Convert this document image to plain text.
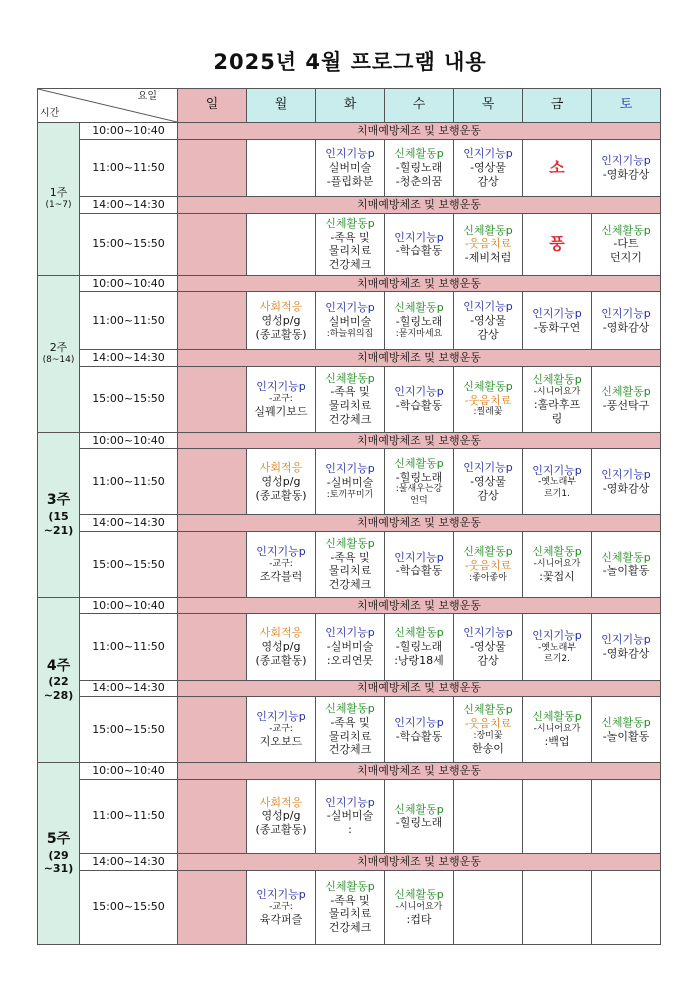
2025년 4월 프로그램 내용
요일
시간		일	월	화	수	목	금	토

1주
(1~7)	10:00~10:40	치매예방체조 및 보행운동						
	11:00~11:50			인지기능p
실버미술
-플립화분	신체활동p
-힐링노래
-청춘의꿈	인지기능p
-영상물
감상	소	인지기능p
-영화감상

	14:00~14:30	치매예방체조 및 보행운동						
	15:00~15:50			신체활동p
-족욕 및
물리치료
건강체크	인지기능p
-학습활동	신체활동p
-웃음치료
-제비처럼	풍	신체활동p
-다트
던지기

2주
(8~14)	10:00~10:40	치매예방체조 및 보행운동						
	11:00~11:50		사회적응
영성p/g
(종교활동)	인지기능p
실버미술
:하늘위의집	신체활동p
-힐링노래
:묻지마세요	인지기능p
-영상물
감상	인지기능p
-동화구연	인지기능p
-영화감상

	14:00~14:30	치매예방체조 및 보행운동						
	15:00~15:50		인지기능p
-교구:
실꿰기보드	신체활동p
-족욕 및
물리치료
건강체크	인지기능p
-학습활동	신체활동p
-웃음치료
:찔레꽃	신체활동p
-시니어요가
:훌라후프
링	신체활동p
-풍선탁구

3주
(15 ~21)	10:00~10:40	치매예방체조 및 보행운동						
	11:00~11:50		사회적응
영성p/g
(종교활동)	인지기능p
-실버미술
:토끼꾸미기	신체활동p
-힐링노래
:물새우는강
언덕	인지기능p
-영상물
감상	인지기능p
-옛노래부
르기1.	인지기능p
-영화감상

	14:00~14:30	치매예방체조 및 보행운동						
	15:00~15:50		인지기능p
-교구:
조각블럭	신체활동p
-족욕 및
물리치료
건강체크	인지기능p
-학습활동	신체활동p
-웃음치료
:좋아좋아	신체활동p
-시니어요가
:꽃접시	신체활동p
-놀이활동

4주
(22 ~28)	10:00~10:40	치매예방체조 및 보행운동						
	11:00~11:50		사회적응
영성p/g
(종교활동)	인지기능p
-실버미술
:오리연못	신체활동p
-힐링노래
:낭랑18세	인지기능p
-영상물
감상	인지기능p
-옛노래부
르기2.	인지기능p
-영화감상

	14:00~14:30	치매예방체조 및 보행운동						
	15:00~15:50		인지기능p
-교구:
지오보드	신체활동p
-족욕 및
물리치료
건강체크	인지기능p
-학습활동	신체활동p
-웃음치료
:장미꽃
한송이	신체활동p
-시니어요가
:백업	신체활동p
-놀이활동

5주
(29 ~31)	10:00~10:40	치매예방체조 및 보행운동						
	11:00~11:50		사회적응
영성p/g
(종교활동)	인지기능p
-실버미술
:	신체활동p
-힐링노래			

	14:00~14:30	치매예방체조 및 보행운동						
	15:00~15:50		인지기능p
-교구:
육각퍼즐	신체활동p
-족욕 및
물리치료
건강체크	신체활동p
-시니어요가
:컵타			
